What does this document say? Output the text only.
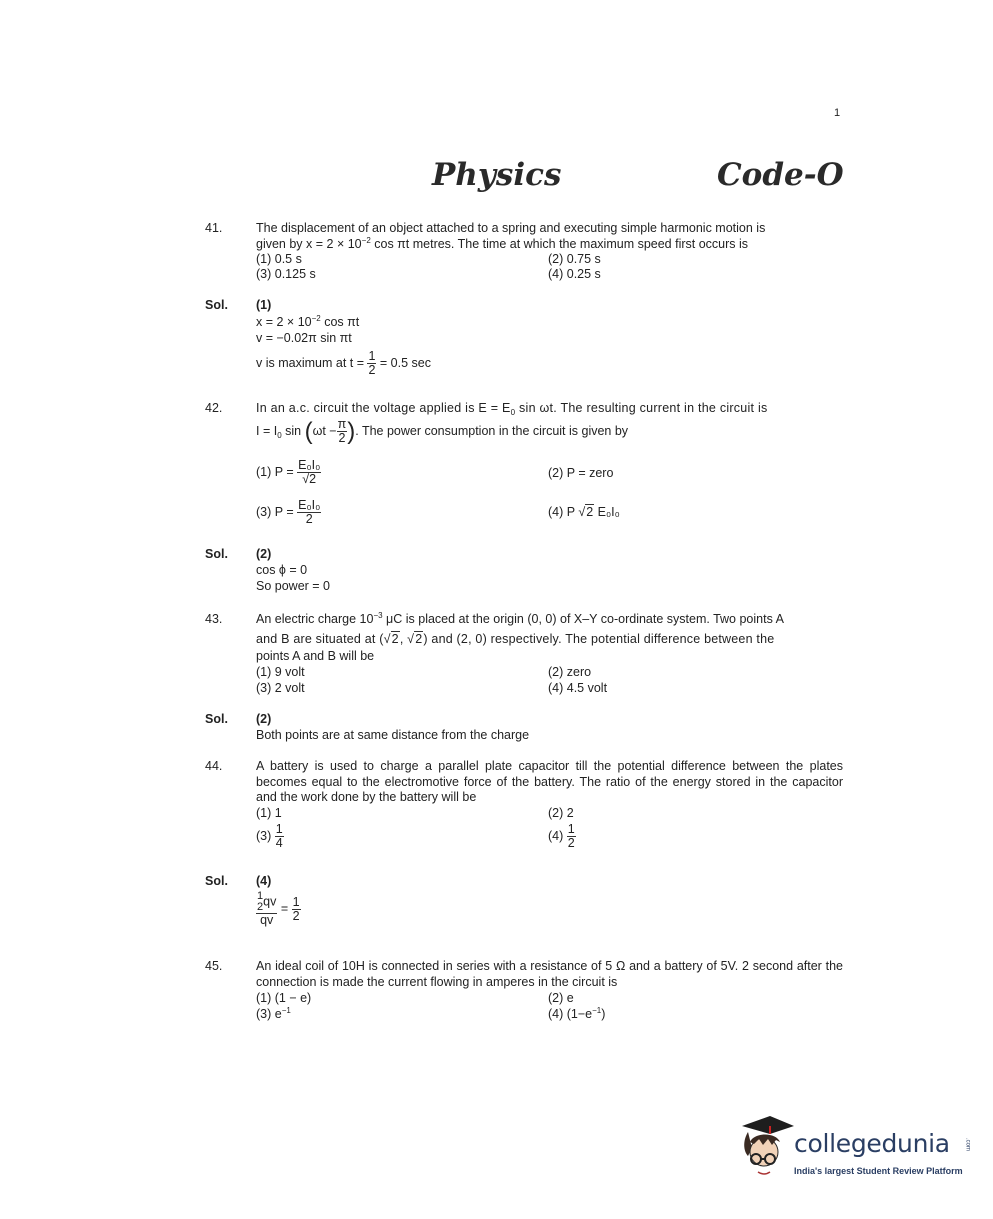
1
Physics	Code-O
41.	The displacement of an object attached to a spring and executing simple harmonic motion is
given by $x = 2 \times 10^{-2}$ cos πt metres. The time at which the maximum speed first occurs is
(1) 0.5 s	(2) 0.75 s
(3) 0.125 s	(4) 0.25 s
Sol. (1)
$x = 2 \times 10^{-2}$ cos πt
v = −0.02π sin πt
v is maximum at $t = \frac{1}{2} = 0.5$ sec
42.	In an a.c. circuit the voltage applied is $E = E_0$ sin ωt. The resulting current in the circuit is
$I = I_0$ $\sin (\omega t - \frac{\pi}{2}$ ). The power consumption in the circuit is given by
(1) $P = \frac{\text{E₀I₀}}{√2}$	(2) P = zero
(3) $P = \frac{\text{E₀I₀}}{2}$	(4) P √2 E₀I₀
Sol. (2)
cos ϕ = 0
So power = 0
43.	An electric charge $10^{-3}$ μC is placed at the origin (0, 0) of X–Y co-ordinate system. Two points A
and B are situated at (√2, √2) and (2, 0) respectively. The potential difference between the
points A and B will be
(1) 9 volt	(2) zero
(3) 2 volt	(4) 4.5 volt
Sol. (2)
Both points are at same distance from the charge
44.	A battery is used to charge a parallel plate capacitor till the potential difference between the plates becomes equal to the electromotive force of the battery. The ratio of the energy stored in the capacitor and the work done by the battery will be
(1) 1	(2) 2
$(3) \frac{1}{4}$	$(4) \frac{1}{2}$
Sol. (4)
1
2 qv
qv = $\frac{1}{2}$
45.	An ideal coil of 10H is connected in series with a resistance of 5 Ω and a battery of 5V. 2 second after the connection is made the current flowing in amperes in the circuit is
(1) (1 − e)	(2) e
(3) $e^{-1}$	(4) $(1-e^{-1})$
collegedunia	.com
India's largest Student Review Platform
